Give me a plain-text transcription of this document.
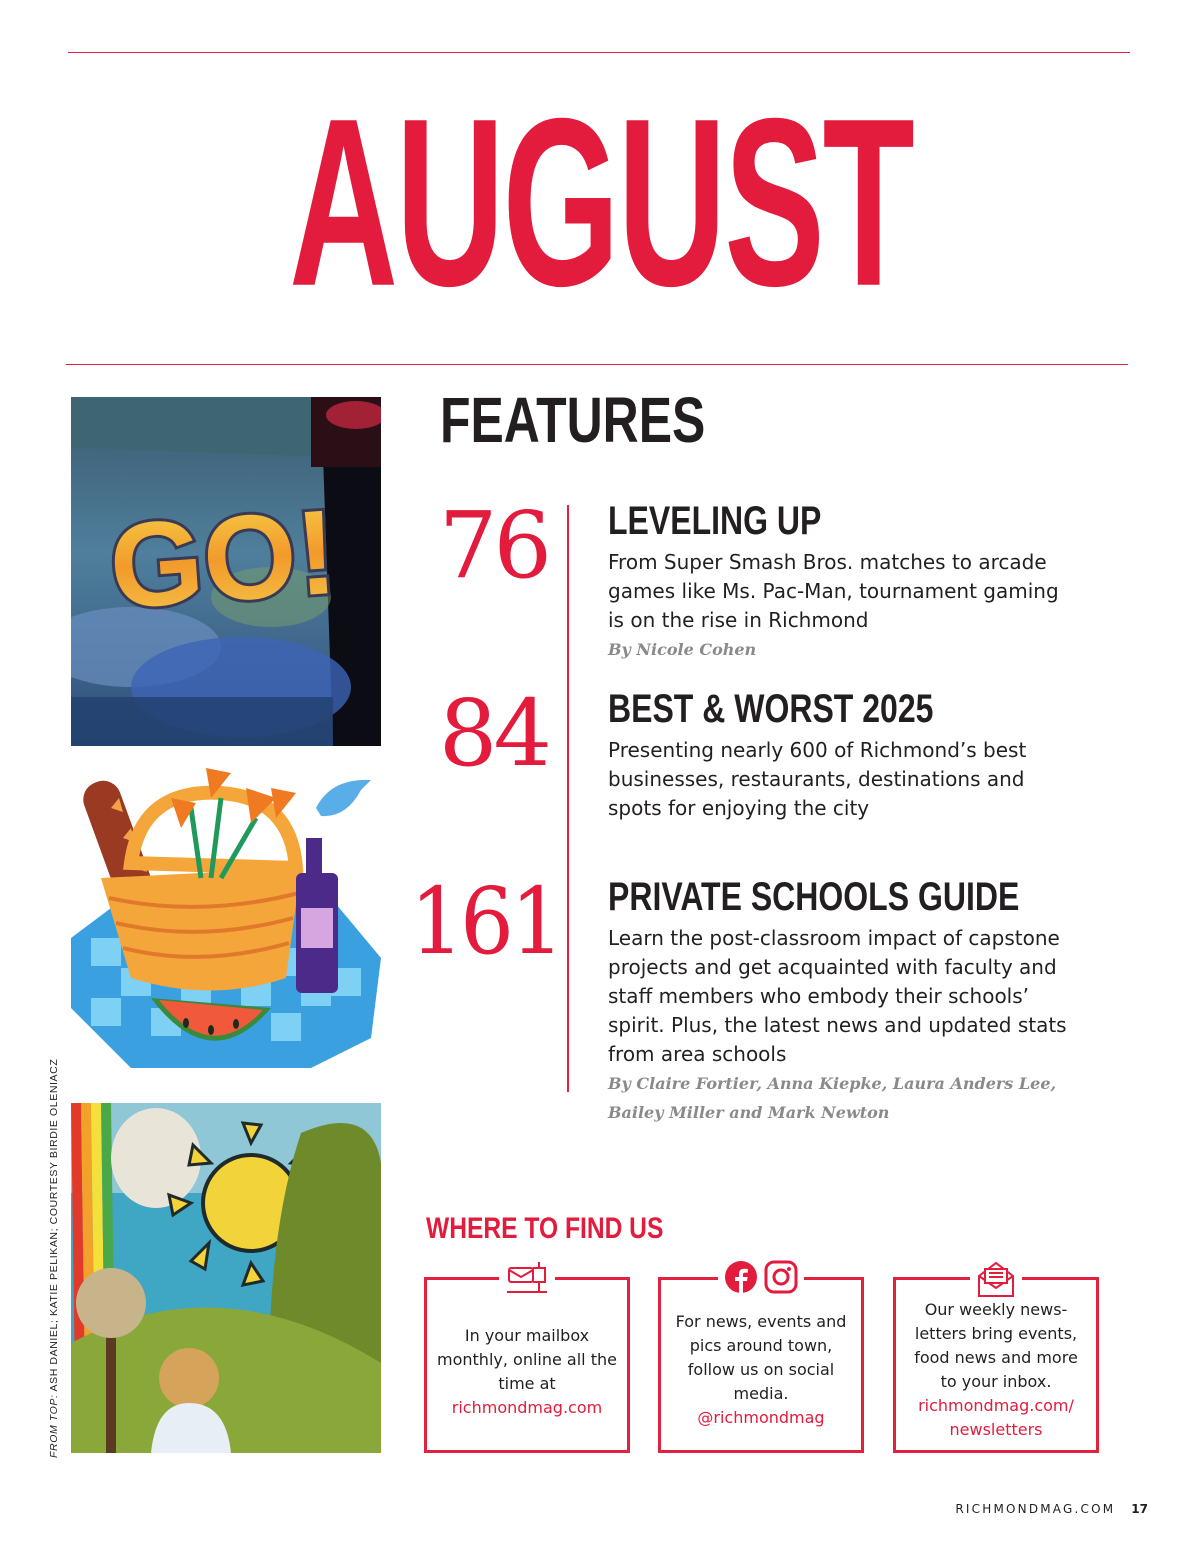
AUGUST
GO!
FROM TOP: ASH DANIEL; KATIE PELIKAN; COURTESY BIRDIE OLENIACZ
FEATURES
76 LEVELING UP

From Super Smash Bros. matches to arcade games like Ms. Pac-Man, tournament gaming is on the rise in Richmond

By Nicole Cohen

84 BEST & WORST 2025

Presenting nearly 600 of Richmond’s best businesses, restaurants, destinations and spots for enjoying the city

161 PRIVATE SCHOOLS GUIDE

Learn the post-classroom impact of capstone projects and get acquainted with faculty and staff members who embody their schools’ spirit. Plus, the latest news and updated stats from area schools

By Claire Fortier, Anna Kiepke, Laura Anders Lee, Bailey Miller and Mark Newton

WHERE TO FIND US
In your mailbox monthly, online all the time at
richmondmag.com
For news, events and pics around town, follow us on social media.
@richmondmag
Our weekly news-letters bring events, food news and more to your inbox.
richmondmag.com/ newsletters
RICHMONDMAG.COM 17
